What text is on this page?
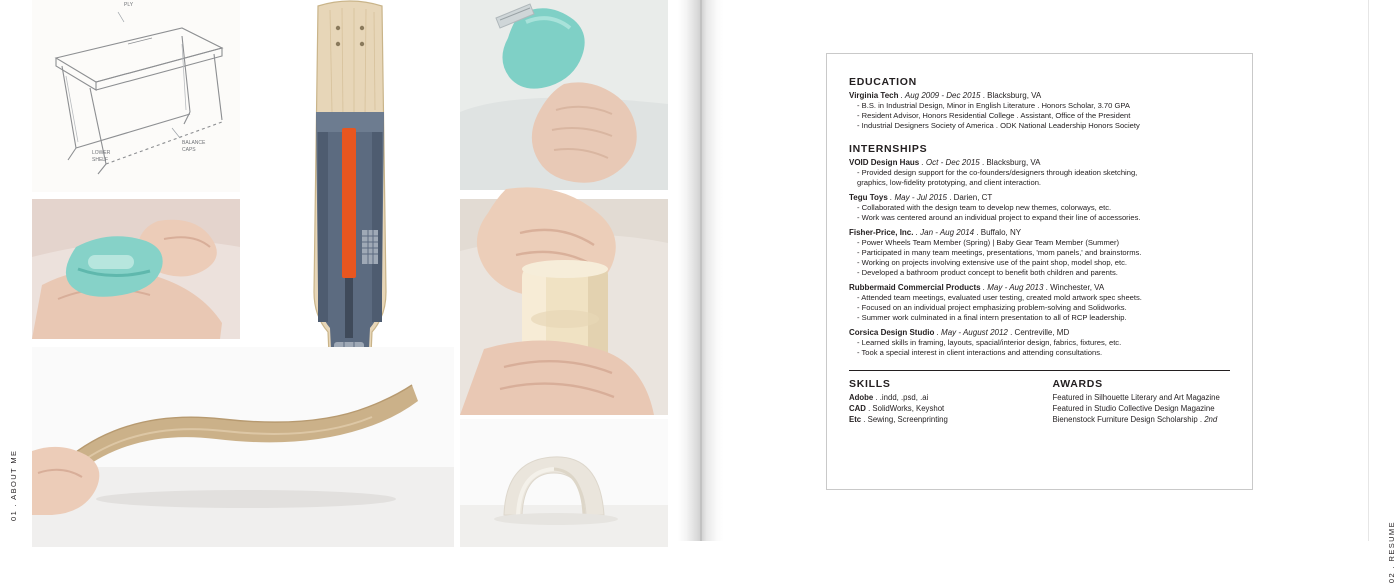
PLY
LOWER
SHELF
BALANCE
CAPS
01 . ABOUT ME
02 . RESUME
EDUCATION
Virginia Tech . Aug 2009 - Dec 2015 . Blacksburg, VA
- B.S. in Industrial Design, Minor in English Literature . Honors Scholar, 3.70 GPA
- Resident Advisor, Honors Residential College . Assistant, Office of the President
- Industrial Designers Society of America . ODK National Leadership Honors Society
INTERNSHIPS
VOID Design Haus . Oct - Dec 2015 . Blacksburg, VA
- Provided design support for the co-founders/designers through ideation sketching,
graphics, low-fidelity prototyping, and client interaction.
Tegu Toys . May - Jul 2015 . Darien, CT
- Collaborated with the design team to develop new themes, colorways, etc.
- Work was centered around an individual project to expand their line of accessories.
Fisher-Price, Inc. . Jan - Aug 2014 . Buffalo, NY
- Power Wheels Team Member (Spring) | Baby Gear Team Member (Summer)
- Participated in many team meetings, presentations, 'mom panels,' and brainstorms.
- Working on projects involving extensive use of the paint shop, model shop, etc.
- Developed a bathroom product concept to benefit both children and parents.
Rubbermaid Commercial Products . May - Aug 2013 . Winchester, VA
- Attended team meetings, evaluated user testing, created mold artwork spec sheets.
- Focused on an individual project emphasizing problem-solving and Solidworks.
- Summer work culminated in a final intern presentation to all of RCP leadership.
Corsica Design Studio . May - August 2012 . Centreville, MD
- Learned skills in framing, layouts, spacial/interior design, fabrics, fixtures, etc.
- Took a special interest in client interactions and attending consultations.
SKILLS
Adobe . .indd, .psd, .ai
CAD . SolidWorks, Keyshot
Etc . Sewing, Screenprinting
AWARDS
Featured in Silhouette Literary and Art Magazine
Featured in Studio Collective Design Magazine
Bienenstock Furniture Design Scholarship . 2nd
